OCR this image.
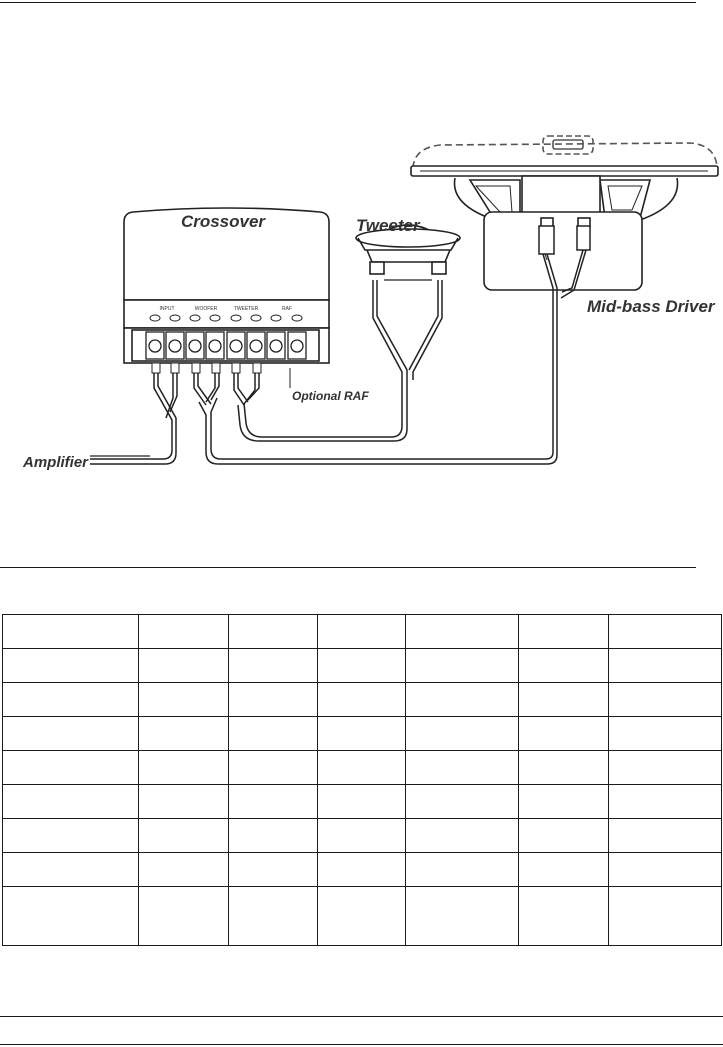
INPUT	WOOFER	TWEETER	RAF
Crossover	Tweeter
Mid-bass Driver
Amplifier
Optional RAF
